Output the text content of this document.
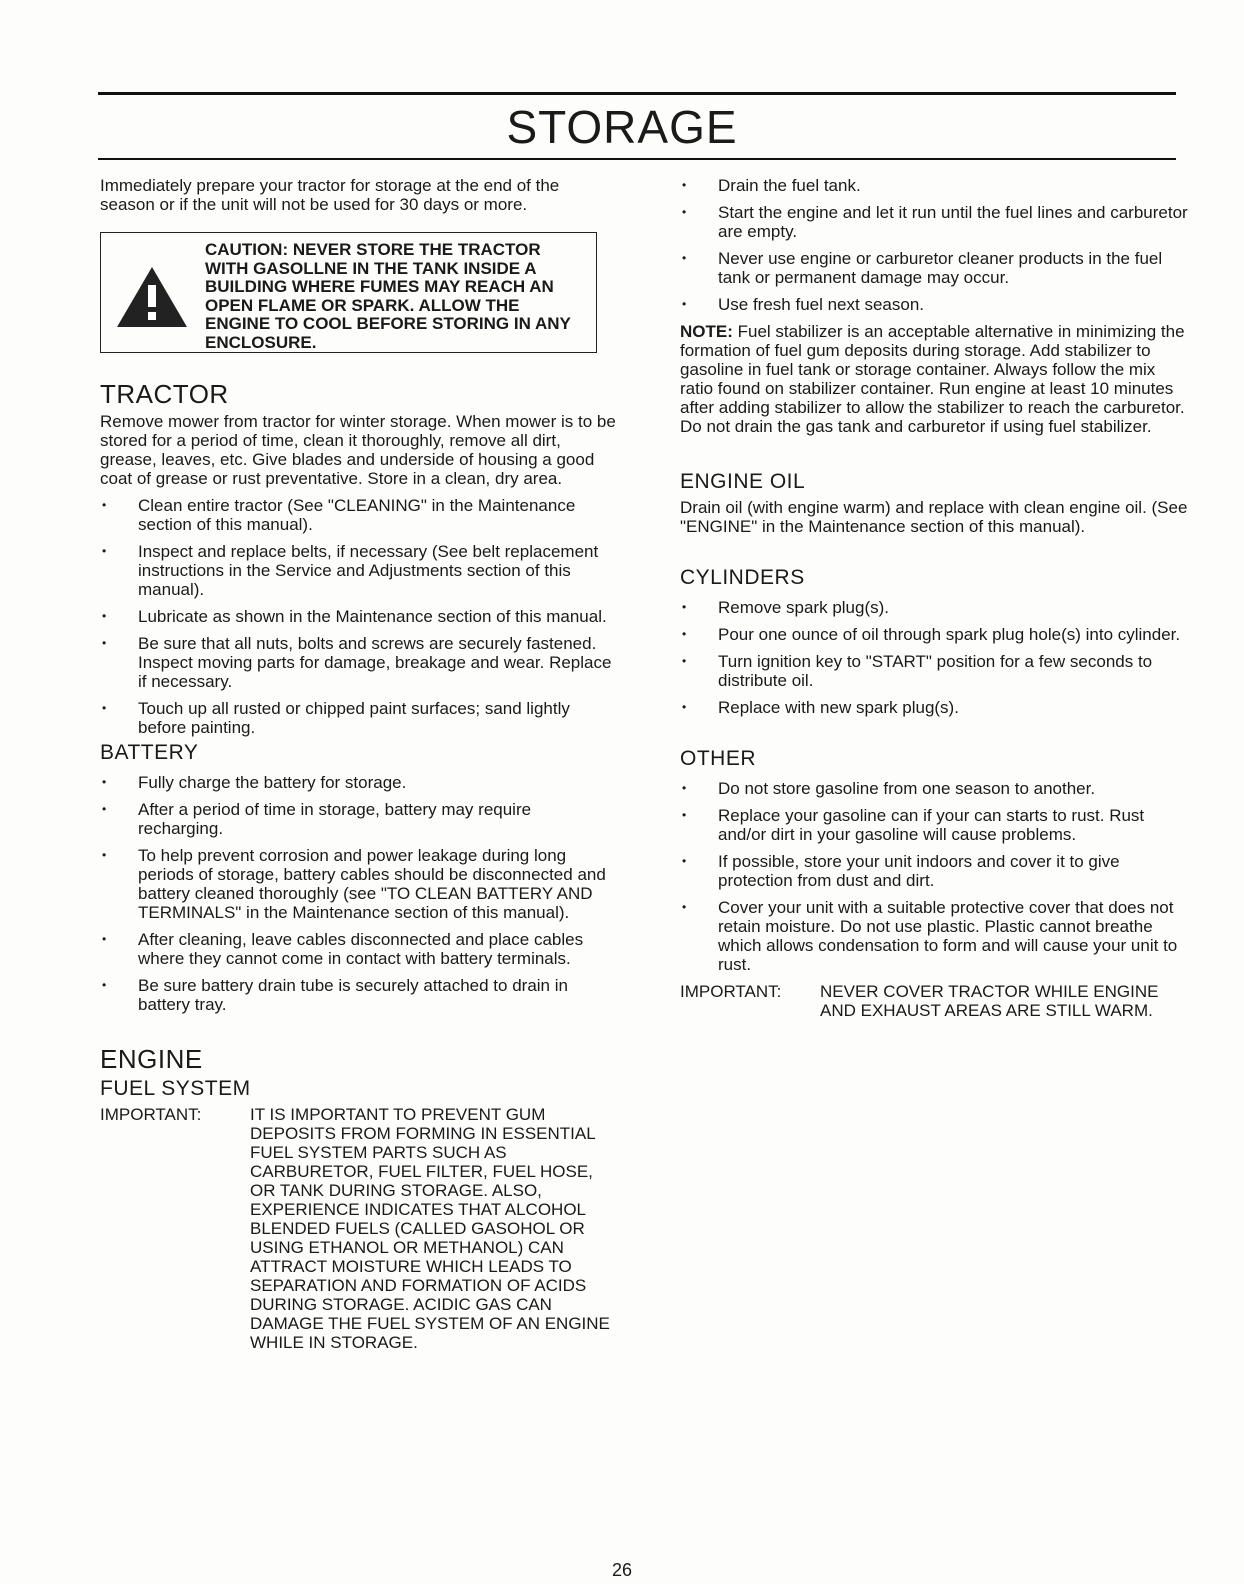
STORAGE

Immediately prepare your tractor for storage at the end of the season or if the unit will not be used for 30 days or more.

CAUTION: NEVER STORE THE TRACTOR WITH GASOLLNE IN THE TANK INSIDE A BUILDING WHERE FUMES MAY REACH AN OPEN FLAME OR SPARK. ALLOW THE ENGINE TO COOL BEFORE STORING IN ANY ENCLOSURE.
TRACTOR

Remove mower from tractor for winter storage. When mower is to be stored for a period of time, clean it thoroughly, remove all dirt, grease, leaves, etc. Give blades and underside of housing a good coat of grease or rust preventative. Store in a clean, dry area.

• Clean entire tractor (See "CLEANING" in the Maintenance section of this manual).
• Inspect and replace belts, if necessary (See belt replacement instructions in the Service and Adjustments section of this manual).
• Lubricate as shown in the Maintenance section of this manual.
• Be sure that all nuts, bolts and screws are securely fastened. Inspect moving parts for damage, breakage and wear. Replace if necessary.
• Touch up all rusted or chipped paint surfaces; sand lightly before painting.
BATTERY
• Fully charge the battery for storage.
• After a period of time in storage, battery may require recharging.
• To help prevent corrosion and power leakage during long periods of storage, battery cables should be disconnected and battery cleaned thoroughly (see "TO CLEAN BATTERY AND TERMINALS" in the Maintenance section of this manual).
• After cleaning, leave cables disconnected and place cables where they cannot come in contact with battery terminals.
• Be sure battery drain tube is securely attached to drain in battery tray.
ENGINE
FUEL SYSTEM
IMPORTANT:	IT IS IMPORTANT TO PREVENT GUM DEPOSITS FROM FORMING IN ESSENTIAL FUEL SYSTEM PARTS SUCH AS CARBURETOR, FUEL FILTER, FUEL HOSE, OR TANK DURING STORAGE. ALSO, EXPERIENCE INDICATES THAT ALCOHOL BLENDED FUELS (CALLED GASOHOL OR USING ETHANOL OR METHANOL) CAN ATTRACT MOISTURE WHICH LEADS TO SEPARATION AND FORMATION OF ACIDS DURING STORAGE. ACIDIC GAS CAN DAMAGE THE FUEL SYSTEM OF AN ENGINE WHILE IN STORAGE.
• Drain the fuel tank.
• Start the engine and let it run until the fuel lines and carburetor are empty.
• Never use engine or carburetor cleaner products in the fuel tank or permanent damage may occur.
• Use fresh fuel next season.

NOTE: Fuel stabilizer is an acceptable alternative in minimizing the formation of fuel gum deposits during storage. Add stabilizer to gasoline in fuel tank or storage container. Always follow the mix ratio found on stabilizer container. Run engine at least 10 minutes after adding stabilizer to allow the stabilizer to reach the carburetor. Do not drain the gas tank and carburetor if using fuel stabilizer.

ENGINE OIL

Drain oil (with engine warm) and replace with clean engine oil. (See "ENGINE" in the Maintenance section of this manual).

CYLINDERS
• Remove spark plug(s).
• Pour one ounce of oil through spark plug hole(s) into cylinder.
• Turn ignition key to "START" position for a few seconds to distribute oil.
• Replace with new spark plug(s).
OTHER
• Do not store gasoline from one season to another.
• Replace your gasoline can if your can starts to rust. Rust and/or dirt in your gasoline will cause problems.
• If possible, store your unit indoors and cover it to give protection from dust and dirt.
• Cover your unit with a suitable protective cover that does not retain moisture. Do not use plastic. Plastic cannot breathe which allows condensation to form and will cause your unit to rust.
IMPORTANT:	NEVER COVER TRACTOR WHILE ENGINE AND EXHAUST AREAS ARE STILL WARM.
26
